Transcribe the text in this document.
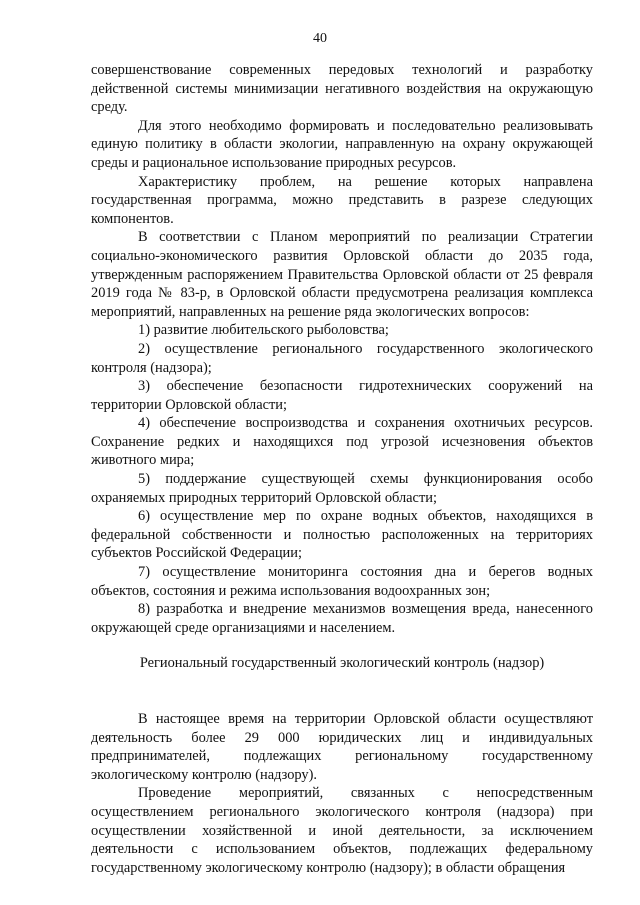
40

совершенствование современных передовых технологий и разработку действенной системы минимизации негативного воздействия на окружающую среду.

Для этого необходимо формировать и последовательно реализовывать единую политику в области экологии, направленную на охрану окружающей среды и рациональное использование природных ресурсов.

Характеристику проблем, на решение которых направлена государственная программа, можно представить в разрезе следующих компонентов.

В соответствии с Планом мероприятий по реализации Стратегии социально-экономического развития Орловской области до 2035 года, утвержденным распоряжением Правительства Орловской области от 25 февраля 2019 года № 83-р, в Орловской области предусмотрена реализация комплекса мероприятий, направленных на решение ряда экологических вопросов:

1) развитие любительского рыболовства;

2) осуществление регионального государственного экологического контроля (надзора);

3) обеспечение безопасности гидротехнических сооружений на территории Орловской области;

4) обеспечение воспроизводства и сохранения охотничьих ресурсов. Сохранение редких и находящихся под угрозой исчезновения объектов животного мира;

5) поддержание существующей схемы функционирования особо охраняемых природных территорий Орловской области;

6) осуществление мер по охране водных объектов, находящихся в федеральной собственности и полностью расположенных на территориях субъектов Российской Федерации;

7) осуществление мониторинга состояния дна и берегов водных объектов, состояния и режима использования водоохранных зон;

8) разработка и внедрение механизмов возмещения вреда, нанесенного окружающей среде организациями и населением.

Региональный государственный экологический контроль (надзор)

В настоящее время на территории Орловской области осуществляют деятельность более 29 000 юридических лиц и индивидуальных предпринимателей, подлежащих региональному государственному экологическому контролю (надзору).

Проведение мероприятий, связанных с непосредственным осуществлением регионального экологического контроля (надзора) при осуществлении хозяйственной и иной деятельности, за исключением деятельности с использованием объектов, подлежащих федеральному государственному экологическому контролю (надзору); в области обращения
